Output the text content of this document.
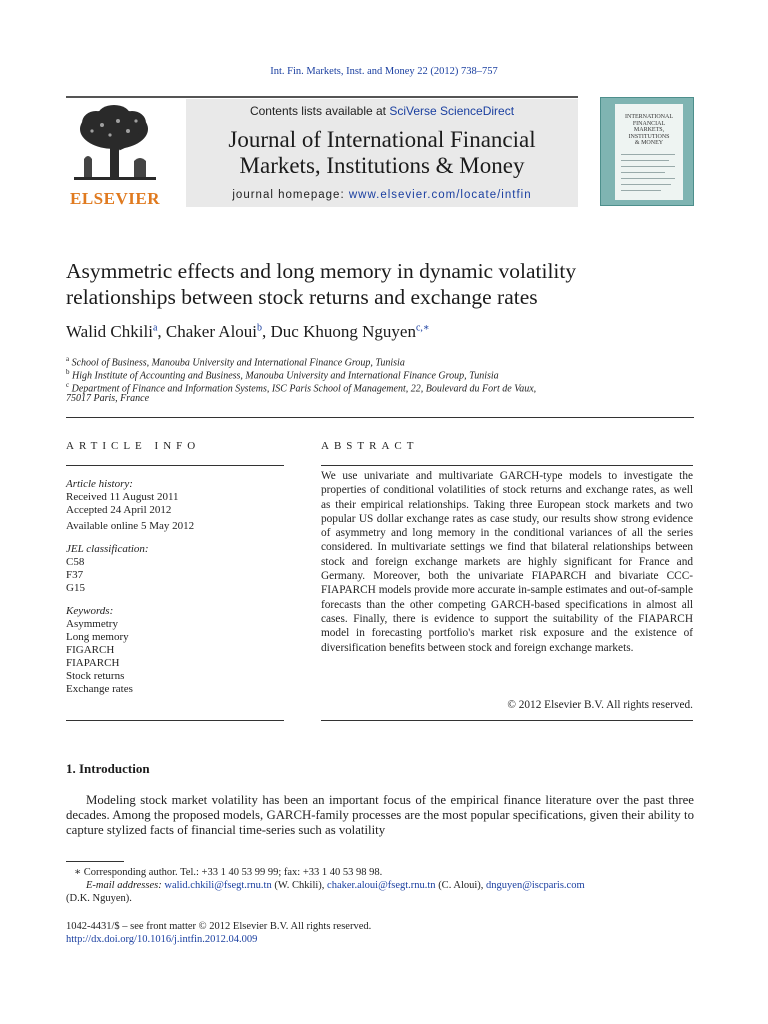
Int. Fin. Markets, Inst. and Money 22 (2012) 738–757
ELSEVIER
Contents lists available at SciVerse ScienceDirect
Journal of International Financial
Markets, Institutions & Money
journal homepage: www.elsevier.com/locate/intfin
INTERNATIONAL
FINANCIAL
MARKETS,
INSTITUTIONS
& MONEY
Asymmetric effects and long memory in dynamic volatility
relationships between stock returns and exchange rates
Walid Chkili$^a$, Chaker Aloui$^b$, Duc Khuong Nguyen$^{c,∗}$
$^a$ School of Business, Manouba University and International Finance Group, Tunisia
$^b$ High Institute of Accounting and Business, Manouba University and International Finance Group, Tunisia
$^c$ Department of Finance and Information Systems, ISC Paris School of Management, 22, Boulevard du Fort de Vaux,
75017 Paris, France
ARTICLE INFO
Article history:
Received 11 August 2011
Accepted 24 April 2012
Available online 5 May 2012
JEL classification:
C58
F37
G15
Keywords:
Asymmetry
Long memory
FIGARCH
FIAPARCH
Stock returns
Exchange rates
ABSTRACT
We use univariate and multivariate GARCH-type models to investigate the properties of conditional volatilities of stock returns and exchange rates, as well as their empirical relationships. Taking three European stock markets and two popular US dollar exchange rates as case study, our results show strong evidence of asymmetry and long memory in the conditional variances of all the series considered. In multivariate settings we find that bilateral relationships between stock and foreign exchange markets are highly significant for France and Germany. Moreover, both the univariate FIAPARCH and bivariate CCC-FIAPARCH models provide more accurate in-sample estimates and out-of-sample forecasts than the other competing GARCH-based specifications in almost all cases. Finally, there is evidence to support the suitability of the FIAPARCH model in forecasting portfolio's market risk exposure and the existence of diversification benefits between stock and foreign exchange markets.
© 2012 Elsevier B.V. All rights reserved.
1. Introduction
Modeling stock market volatility has been an important focus of the empirical finance literature over the past three decades. Among the proposed models, GARCH-family processes are the most popular specifications, given their ability to capture stylized facts of financial time-series such as volatility
∗ Corresponding author. Tel.: +33 1 40 53 99 99; fax: +33 1 40 53 98 98.
E-mail addresses: walid.chkili@fsegt.rnu.tn (W. Chkili), chaker.aloui@fsegt.rnu.tn (C. Aloui), dnguyen@iscparis.com
(D.K. Nguyen).
1042-4431/$ – see front matter © 2012 Elsevier B.V. All rights reserved.
http://dx.doi.org/10.1016/j.intfin.2012.04.009
